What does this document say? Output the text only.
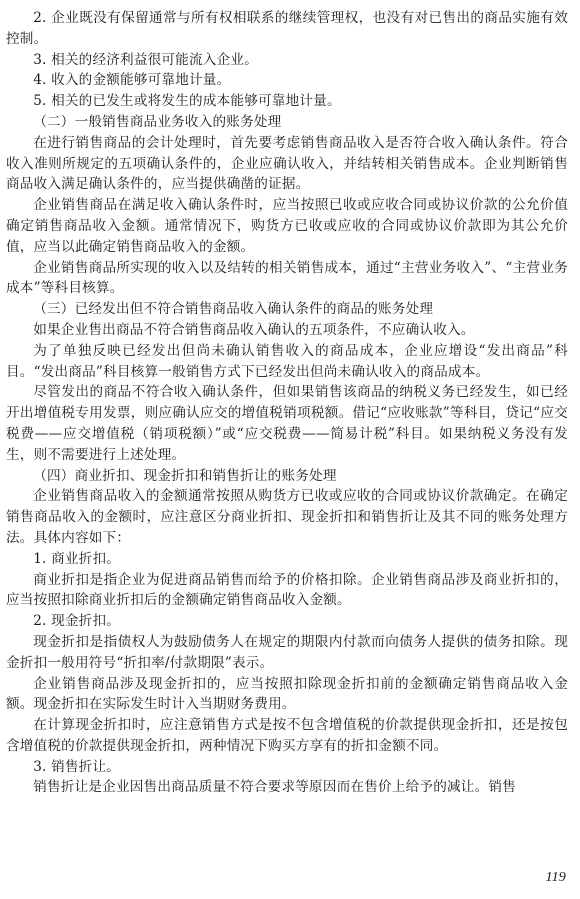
2. 企业既没有保留通常与所有权相联系的继续管理权，也没有对已售出的商品实施有效控制。

3. 相关的经济利益很可能流入企业。

4. 收入的金额能够可靠地计量。

5. 相关的已发生或将发生的成本能够可靠地计量。

（二）一般销售商品业务收入的账务处理

在进行销售商品的会计处理时，首先要考虑销售商品收入是否符合收入确认条件。符合收入准则所规定的五项确认条件的，企业应确认收入，并结转相关销售成本。企业判断销售商品收入满足确认条件的，应当提供确凿的证据。

企业销售商品在满足收入确认条件时，应当按照已收或应收合同或协议价款的公允价值确定销售商品收入金额。通常情况下，购货方已收或应收的合同或协议价款即为其公允价值，应当以此确定销售商品收入的金额。

企业销售商品所实现的收入以及结转的相关销售成本，通过“主营业务收入”、“主营业务成本”等科目核算。

（三）已经发出但不符合销售商品收入确认条件的商品的账务处理

如果企业售出商品不符合销售商品收入确认的五项条件，不应确认收入。

为了单独反映已经发出但尚未确认销售收入的商品成本，企业应增设“发出商品”科目。“发出商品”科目核算一般销售方式下已经发出但尚未确认收入的商品成本。

尽管发出的商品不符合收入确认条件，但如果销售该商品的纳税义务已经发生，如已经开出增值税专用发票，则应确认应交的增值税销项税额。借记“应收账款”等科目，贷记“应交税费——应交增值税（销项税额）”或“应交税费——简易计税”科目。如果纳税义务没有发生，则不需要进行上述处理。

（四）商业折扣、现金折扣和销售折让的账务处理

企业销售商品收入的金额通常按照从购货方已收或应收的合同或协议价款确定。在确定销售商品收入的金额时，应注意区分商业折扣、现金折扣和销售折让及其不同的账务处理方法。具体内容如下：

1. 商业折扣。

商业折扣是指企业为促进商品销售而给予的价格扣除。企业销售商品涉及商业折扣的，应当按照扣除商业折扣后的金额确定销售商品收入金额。

2. 现金折扣。

现金折扣是指债权人为鼓励债务人在规定的期限内付款而向债务人提供的债务扣除。现金折扣一般用符号“折扣率/付款期限”表示。

企业销售商品涉及现金折扣的，应当按照扣除现金折扣前的金额确定销售商品收入金额。现金折扣在实际发生时计入当期财务费用。

在计算现金折扣时，应注意销售方式是按不包含增值税的价款提供现金折扣，还是按包含增值税的价款提供现金折扣，两种情况下购买方享有的折扣金额不同。

3. 销售折让。

销售折让是企业因售出商品质量不符合要求等原因而在售价上给予的减让。销售

119
